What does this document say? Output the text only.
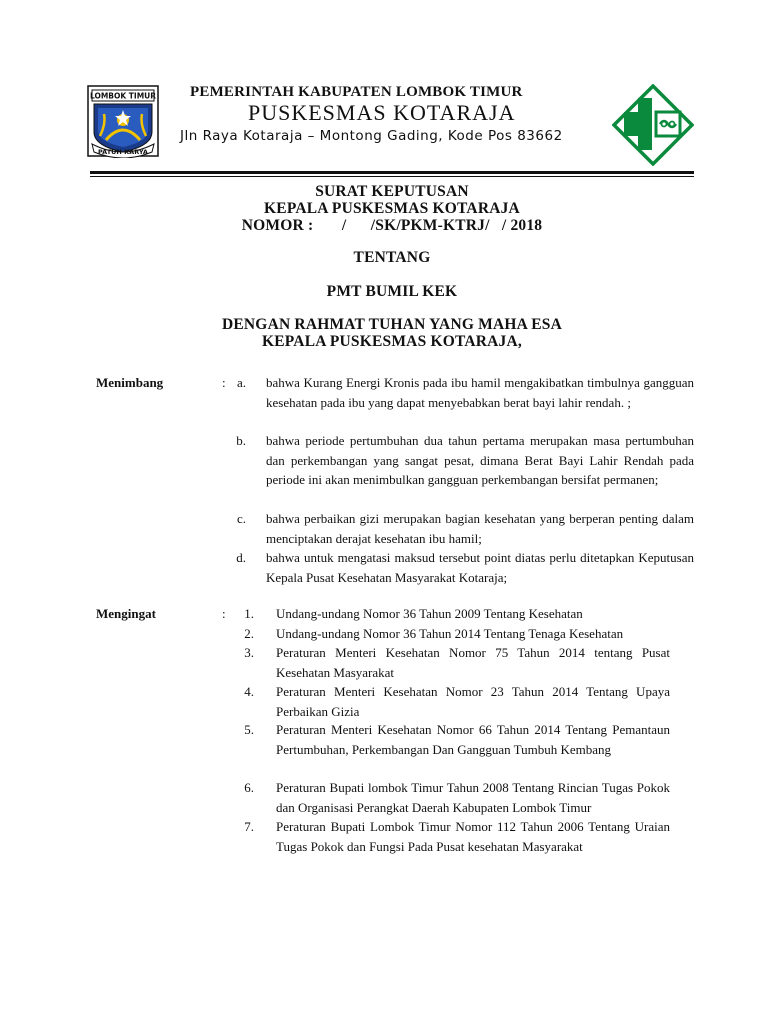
LOMBOK TIMUR
PATUH KARYA
PEMERINTAH KABUPATEN LOMBOK TIMUR
PUSKESMAS KOTARAJA
Jln Raya Kotaraja – Montong Gading, Kode Pos 83662
SURAT KEPUTUSAN
KEPALA PUSKESMAS KOTARAJA
NOMOR :       /      /SK/PKM-KTRJ/   / 2018
TENTANG
PMT BUMIL KEK
DENGAN RAHMAT TUHAN YANG MAHA ESA
KEPALA PUSKESMAS KOTARAJA,
Menimbang	: a. bahwa Kurang Energi Kronis pada ibu hamil mengakibatkan timbulnya gangguan kesehatan pada ibu yang dapat menyebabkan berat bayi lahir rendah. ;
b. bahwa periode pertumbuhan dua tahun pertama merupakan masa pertumbuhan dan perkembangan yang sangat pesat, dimana Berat Bayi Lahir Rendah pada periode ini akan menimbulkan gangguan perkembangan bersifat permanen;
c. bahwa perbaikan gizi merupakan bagian kesehatan yang berperan penting dalam menciptakan derajat kesehatan ibu hamil;
d. bahwa untuk mengatasi maksud tersebut point diatas perlu ditetapkan Keputusan Kepala Pusat Kesehatan Masyarakat Kotaraja;
Mengingat	:	1. Undang-undang Nomor 36 Tahun 2009 Tentang Kesehatan
2. Undang-undang Nomor 36 Tahun 2014 Tentang Tenaga Kesehatan
3. Peraturan Menteri Kesehatan Nomor 75 Tahun 2014 tentang Pusat Kesehatan Masyarakat
4. Peraturan Menteri Kesehatan Nomor 23 Tahun 2014 Tentang Upaya Perbaikan Gizia
5. Peraturan Menteri Kesehatan Nomor 66 Tahun 2014 Tentang Pemantaun Pertumbuhan, Perkembangan Dan Gangguan Tumbuh Kembang
6. Peraturan Bupati lombok Timur Tahun 2008 Tentang Rincian Tugas Pokok dan Organisasi Perangkat Daerah Kabupaten Lombok Timur
7. Peraturan Bupati Lombok Timur Nomor 112 Tahun 2006 Tentang Uraian Tugas Pokok dan Fungsi Pada Pusat kesehatan Masyarakat
